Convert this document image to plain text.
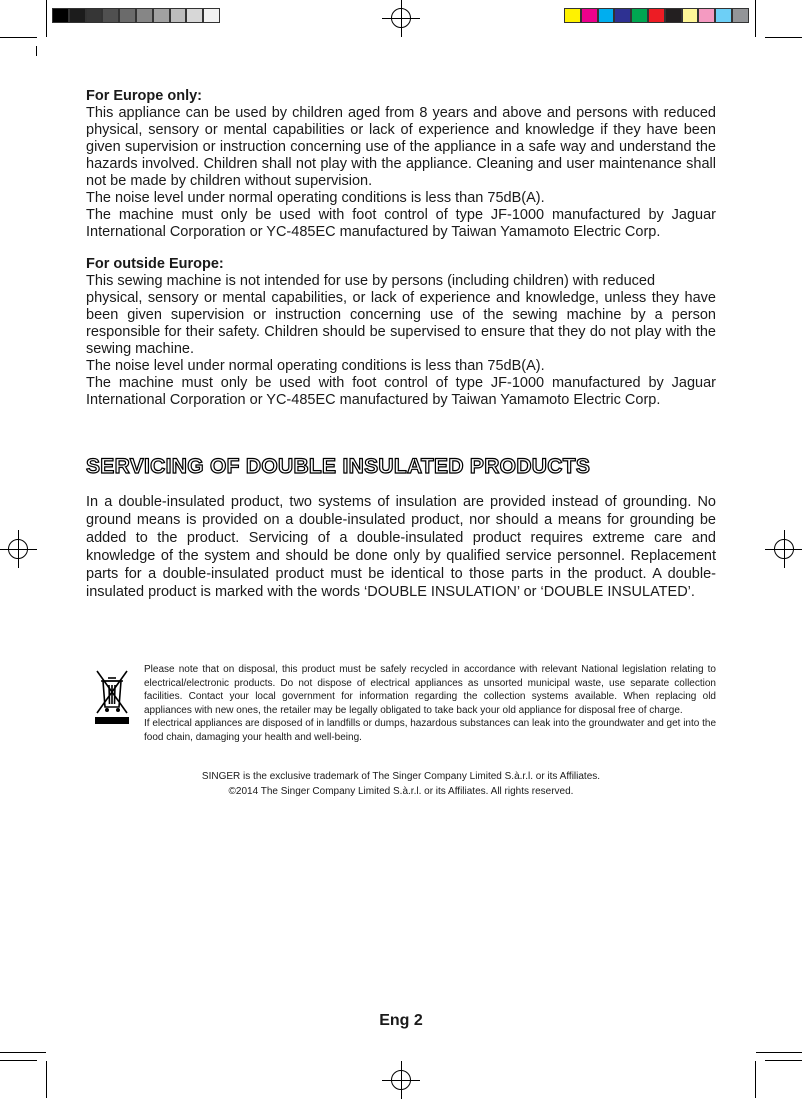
For Europe only:
This appliance can be used by children aged from 8 years and above and persons with reduced physical, sensory or mental capabilities or lack of experience and knowledge if they have been given supervision or instruction concerning use of the appliance in a safe way and understand the hazards involved. Children shall not play with the appliance. Cleaning and user maintenance shall not be made by children without supervision.
The noise level under normal operating conditions is less than 75dB(A).
The machine must only be used with foot control of type JF-1000 manufactured by Jaguar International Corporation or YC-485EC manufactured by Taiwan Yamamoto Electric Corp.
For outside Europe:
This sewing machine is not intended for use by persons (including children) with reduced
physical, sensory or mental capabilities, or lack of experience and knowledge, unless they have been given supervision or instruction concerning use of the sewing machine by a person responsible for their safety. Children should be supervised to ensure that they do not play with the sewing machine.
The noise level under normal operating conditions is less than 75dB(A).
The machine must only be used with foot control of type JF-1000 manufactured by Jaguar International Corporation or YC-485EC manufactured by Taiwan Yamamoto Electric Corp.
SERVICING OF DOUBLE INSULATED PRODUCTS
In a double-insulated product, two systems of insulation are provided instead of grounding. No ground means is provided on a double-insulated product, nor should a means for grounding be added to the product. Servicing of a double-insulated product requires extreme care and knowledge of the system and should be done only by qualified service personnel. Replacement parts for a double-insulated product must be identical to those parts in the product. A double-insulated product is marked with the words ‘DOUBLE INSULATION’ or ‘DOUBLE INSULATED’.
Please note that on disposal, this product must be safely recycled in accordance with relevant National legislation relating to electrical/electronic products. Do not dispose of electrical appliances as unsorted municipal waste, use separate collection facilities. Contact your local government for information regarding the collection systems available. When replacing old appliances with new ones, the retailer may be legally obligated to take back your old appliance for disposal free of charge.
If electrical appliances are disposed of in landfills or dumps, hazardous substances can leak into the groundwater and get into the food chain, damaging your health and well-being.
SINGER is the exclusive trademark of The Singer Company Limited S.à.r.l. or its Affiliates.
©2014 The Singer Company Limited S.à.r.l. or its Affiliates. All rights reserved.
Eng 2
